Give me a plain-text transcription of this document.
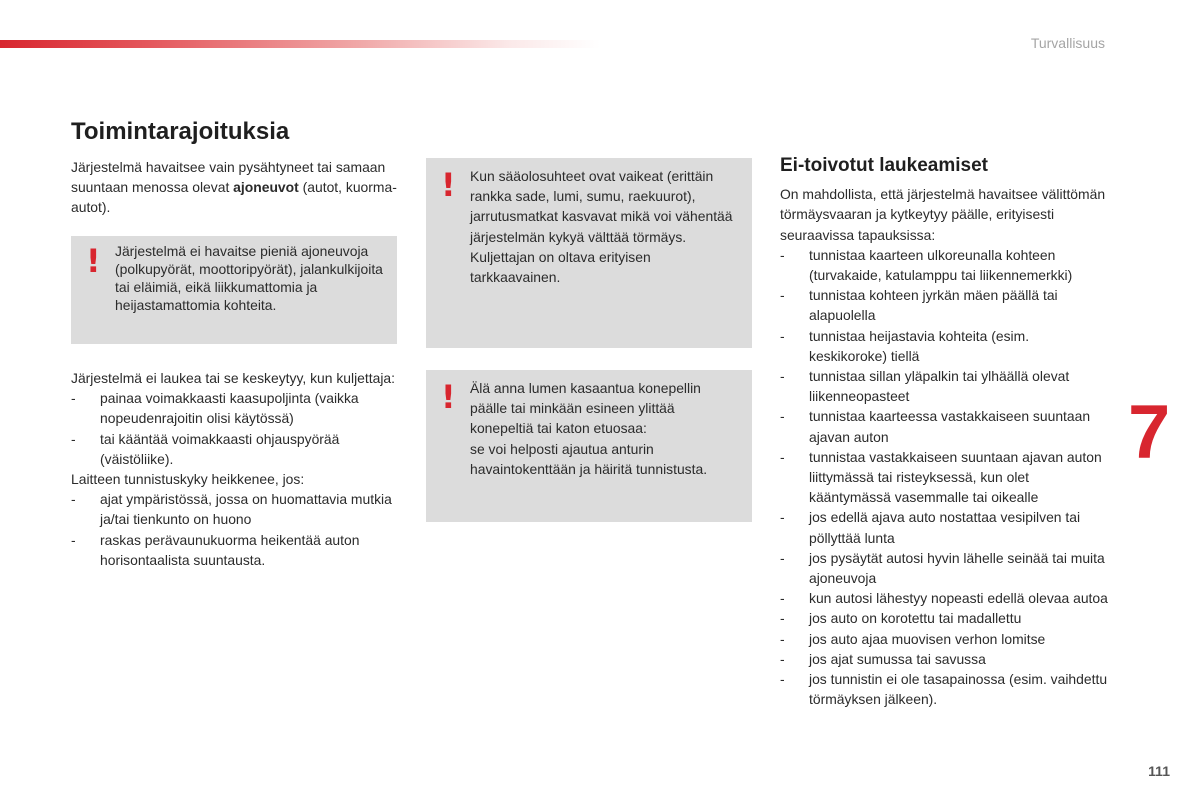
Turvallisuus
7
111
Toimintarajoituksia

Järjestelmä havaitsee vain pysähtyneet tai samaan suuntaan menossa olevat ajoneuvot (autot, kuorma-autot).

! Järjestelmä ei havaitse pieniä ajoneuvoja (polkupyörät, moottoripyörät), jalankulkijoita tai eläimiä, eikä liikkumattomia ja heijastamattomia kohteita.

Järjestelmä ei laukea tai se keskeytyy, kun kuljettaja:

- painaa voimakkaasti kaasupoljinta (vaikka nopeudenrajoitin olisi käytössä)
- tai kääntää voimakkaasti ohjauspyörää (väistöliike).

Laitteen tunnistuskyky heikkenee, jos:

- ajat ympäristössä, jossa on huomattavia mutkia ja/tai tienkunto on huono
- raskas perävaunukuorma heikentää auton horisontaalista suuntausta.
! Kun sääolosuhteet ovat vaikeat (erittäin rankka sade, lumi, sumu, raekuurot), jarrutusmatkat kasvavat mikä voi vähentää järjestelmän kykyä välttää törmäys.
Kuljettajan on oltava erityisen tarkkaavainen.
! Älä anna lumen kasaantua konepellin päälle tai minkään esineen ylittää konepeltiä tai katon etuosaa:
se voi helposti ajautua anturin havaintokenttään ja häiritä tunnistusta.
Ei-toivotut laukeamiset

On mahdollista, että järjestelmä havaitsee välittömän törmäysvaaran ja kytkeytyy päälle, erityisesti seuraavissa tapauksissa:

- tunnistaa kaarteen ulkoreunalla kohteen (turvakaide, katulamppu tai liikennemerkki)
- tunnistaa kohteen jyrkän mäen päällä tai alapuolella
- tunnistaa heijastavia kohteita (esim. keskikoroke) tiellä
- tunnistaa sillan yläpalkin tai ylhäällä olevat liikenneopasteet
- tunnistaa kaarteessa vastakkaiseen suuntaan ajavan auton
- tunnistaa vastakkaiseen suuntaan ajavan auton liittymässä tai risteyksessä, kun olet kääntymässä vasemmalle tai oikealle
- jos edellä ajava auto nostattaa vesipilven tai pöllyttää lunta
- jos pysäytät autosi hyvin lähelle seinää tai muita ajoneuvoja
- kun autosi lähestyy nopeasti edellä olevaa autoa
- jos auto on korotettu tai madallettu
- jos auto ajaa muovisen verhon lomitse
- jos ajat sumussa tai savussa
- jos tunnistin ei ole tasapainossa (esim. vaihdettu törmäyksen jälkeen).
